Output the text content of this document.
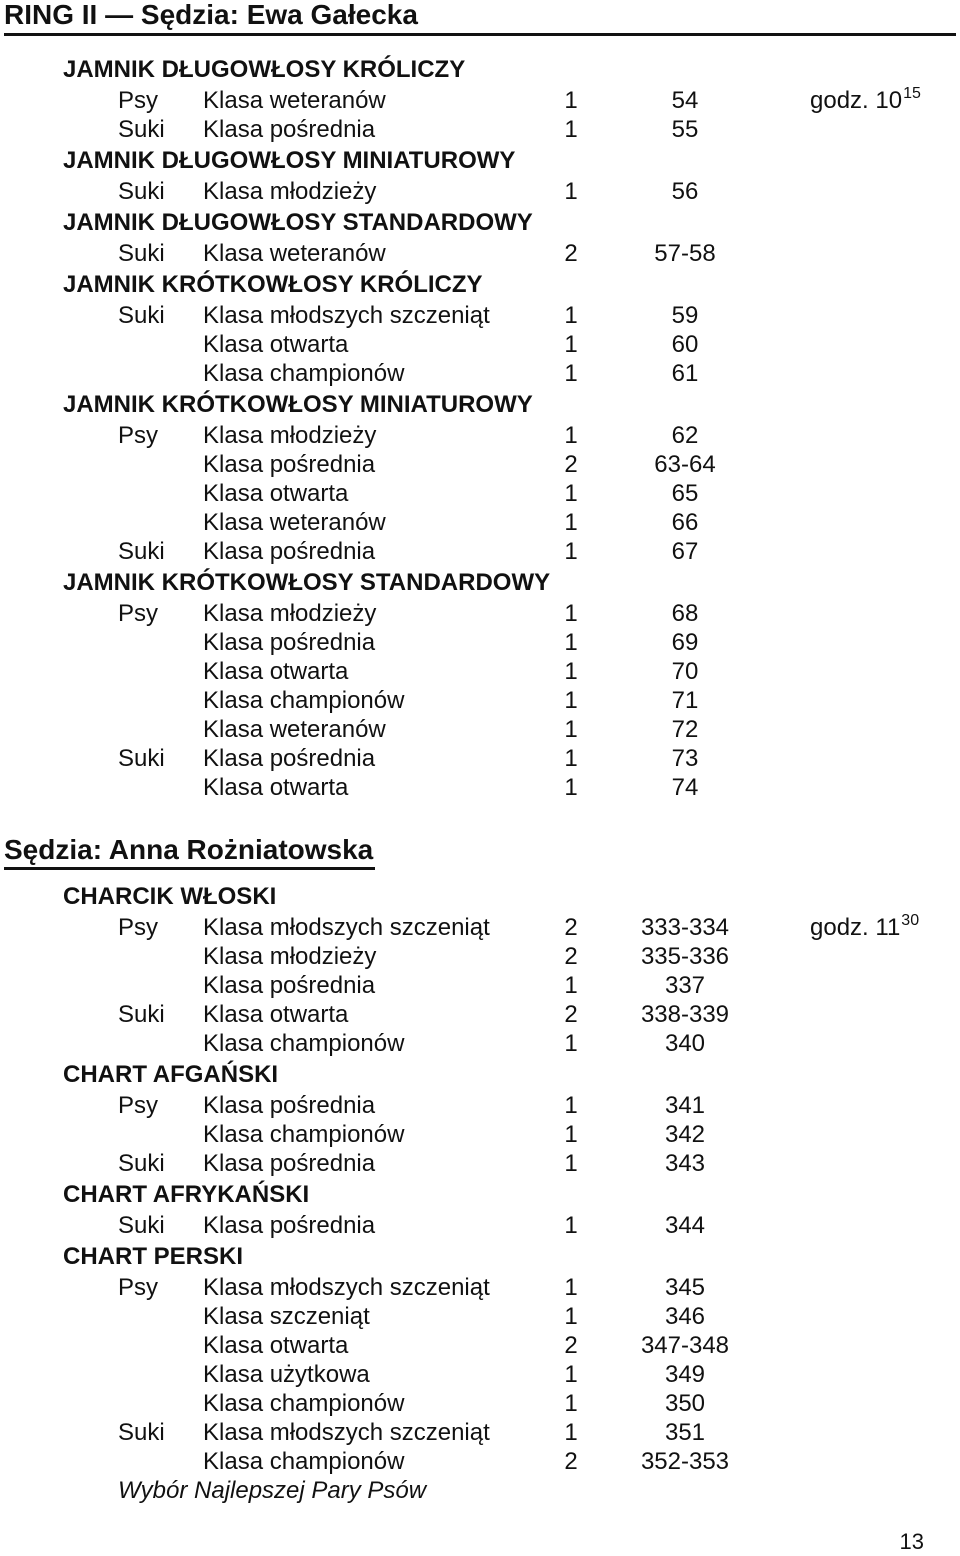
RING II — Sędzia: Ewa Gałecka
JAMNIK DŁUGOWŁOSY KRÓLICZY
Psy Klasa weteranów	1	54	godz. $10^{15}$
Suki Klasa pośrednia	1	55
JAMNIK DŁUGOWŁOSY MINIATUROWY
Suki Klasa młodzieży	1	56
JAMNIK DŁUGOWŁOSY STANDARDOWY
Suki Klasa weteranów	2	57-58
JAMNIK KRÓTKOWŁOSY KRÓLICZY
Suki Klasa młodszych szczeniąt	1	59
Klasa otwarta	1	60
Klasa championów	1	61
JAMNIK KRÓTKOWŁOSY MINIATUROWY
Psy Klasa młodzieży	1	62
Klasa pośrednia	2	63-64
Klasa otwarta	1	65
Klasa weteranów	1	66
Suki Klasa pośrednia	1	67
JAMNIK KRÓTKOWŁOSY STANDARDOWY
Psy Klasa młodzieży	1	68
Klasa pośrednia	1	69
Klasa otwarta	1	70
Klasa championów	1	71
Klasa weteranów	1	72
Suki Klasa pośrednia	1	73
Klasa otwarta	1	74
Sędzia: Anna Rożniatowska
CHARCIK WŁOSKI
Psy Klasa młodszych szczeniąt	2	333-334	godz. $11^{30}$
Klasa młodzieży	2	335-336
Klasa pośrednia	1	337
Suki Klasa otwarta	2	338-339
Klasa championów	1	340
CHART AFGAŃSKI
Psy Klasa pośrednia	1	341
Klasa championów	1	342
Suki Klasa pośrednia	1	343
CHART AFRYKAŃSKI
Suki Klasa pośrednia	1	344
CHART PERSKI
Psy Klasa młodszych szczeniąt	1	345
Klasa szczeniąt	1	346
Klasa otwarta	2	347-348
Klasa użytkowa	1	349
Klasa championów	1	350
Suki Klasa młodszych szczeniąt	1	351
Klasa championów	2	352-353
Wybór Najlepszej Pary Psów
13
